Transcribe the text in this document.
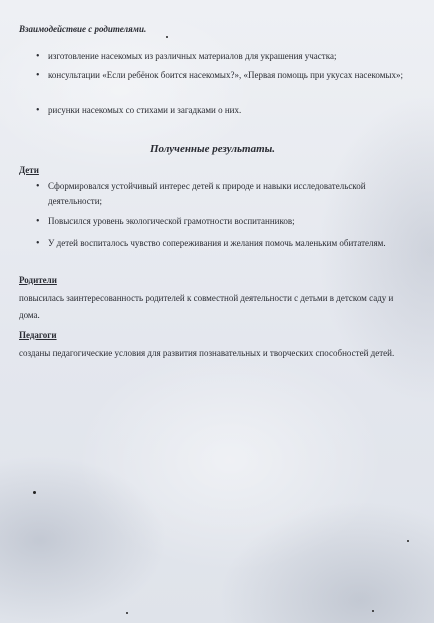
Взаимодействие с родителями.
• изготовление насекомых из различных материалов для украшения участка;
• консультации «Если ребёнок боится насекомых?», «Первая помощь при укусах насекомых»;
• рисунки насекомых со стихами и загадками о них.
Полученные результаты.
Дети
• Сформировался устойчивый интерес детей к природе и навыки исследовательской деятельности;
• Повысился уровень экологической грамотности воспитанников;
• У детей воспиталось чувство сопереживания и желания помочь маленьким обитателям.
Родители
повысилась заинтересованность родителей к совместной деятельности с детьми в детском саду и дома.
Педагоги
созданы педагогические условия для развития познавательных и творческих способностей детей.
